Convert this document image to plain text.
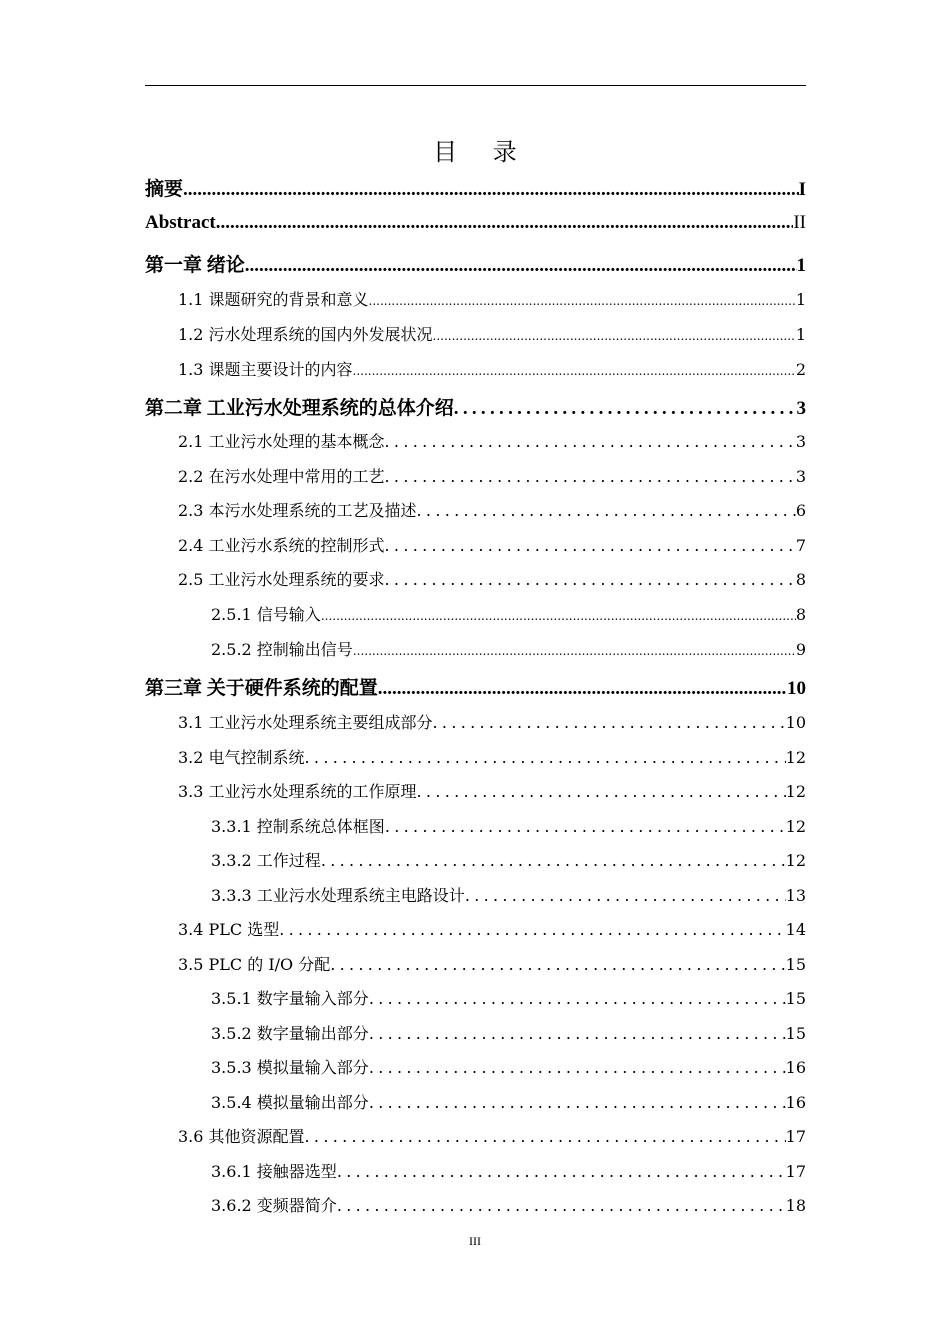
目 录
摘要 .....	I
Abstract .....	II
第一章 绪论 .....	1
1.1 课题研究的背景和意义 .....	1
1.2 污水处理系统的国内外发展状况 .....	1
1.3 课题主要设计的内容 .....	2
第二章 工业污水处理系统的总体介绍 .....	3
2.1 工业污水处理的基本概念 .....	3
2.2 在污水处理中常用的工艺 .....	3
2.3 本污水处理系统的工艺及描述 .....	6
2.4 工业污水系统的控制形式 .....	7
2.5 工业污水处理系统的要求 .....	8
2.5.1 信号输入 .....	8
2.5.2 控制输出信号 .....	9
第三章 关于硬件系统的配置 .....	10
3.1 工业污水处理系统主要组成部分 .....	10
3.2 电气控制系统 .....	12
3.3 工业污水处理系统的工作原理 .....	12
3.3.1 控制系统总体框图 .....	12
3.3.2 工作过程 .....	12
3.3.3 工业污水处理系统主电路设计 .....	13
3.4 PLC 选型 .....	14
3.5 PLC 的 I/O 分配 .....	15
3.5.1 数字量输入部分 .....	15
3.5.2 数字量输出部分 .....	15
3.5.3 模拟量输入部分 .....	16
3.5.4 模拟量输出部分 .....	16
3.6 其他资源配置 .....	17
3.6.1 接触器选型 .....	17
3.6.2 变频器简介 .....	18
III
